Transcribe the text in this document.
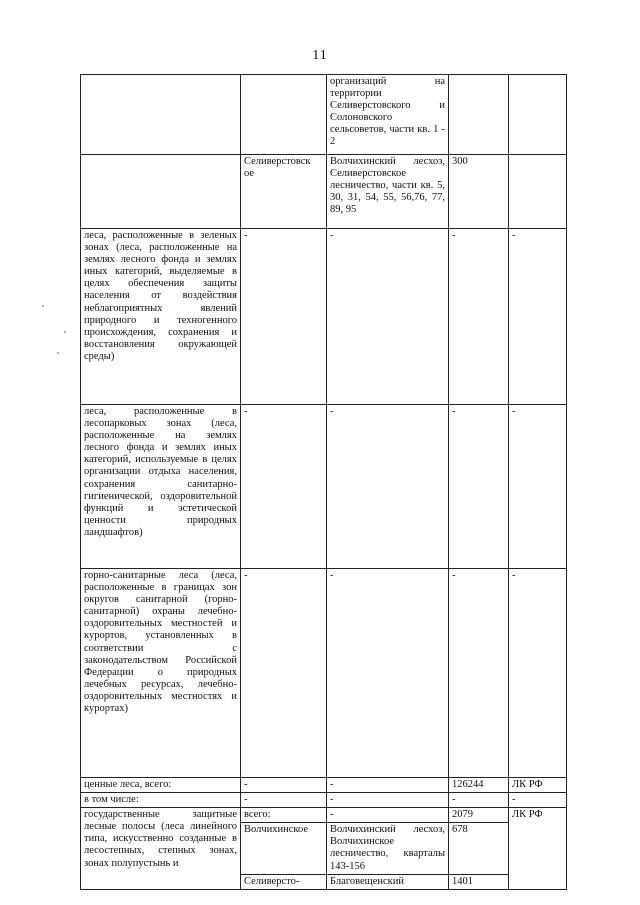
11
		организаций на территории Селиверстовского и Солоновского сельсоветов, части кв. 1 - 2		
	Селиверстовск ое	Волчихинский лесхоз, Селиверстовское лесничество, части кв. 5, 30, 31, 54, 55, 56,76, 77, 89, 95	300	
леса, расположенные в зеленых зонах (леса, расположенные на землях лесного фонда и землях иных категорий, выделяемые в целях обеспечения защиты населения от воздействия неблагоприятных явлений природного и техногенного происхождения, сохранения и восстановления окружающей среды)	-	-	-	-
леса, расположенные в лесопарковых зонах (леса, расположенные на землях лесного фонда и землях иных категорий, используемые в целях организации отдыха населения, сохранения санитарно-гигиенической, оздоровительной функций и эстетической ценности природных ландшафтов)	-	-	-	-
горно-санитарные леса (леса, расположенные в границах зон округов санитарной (горно-санитарной) охраны лечебно-оздоровительных местностей и курортов, установленных в соответствии с законодательством Российской Федерации о природных лечебных ресурсах, лечебно-оздоровительных местностях и курортах)	-	-	-	-
ценные леса, всего:	-	-	126244	ЛК РФ
в том числе:	-	-	-	-
государственные защитные лесные полосы (леса линейного типа, искусственно созданные в лесостепных, степных зонах, зонах полупустынь и	всего:	-	2079	ЛК РФ
	Волчихинское	Волчихинский лесхоз, Волчихинское лесничество, кварталы 143-156	678	
	Селиверсто-	Благовещенский	1401	
